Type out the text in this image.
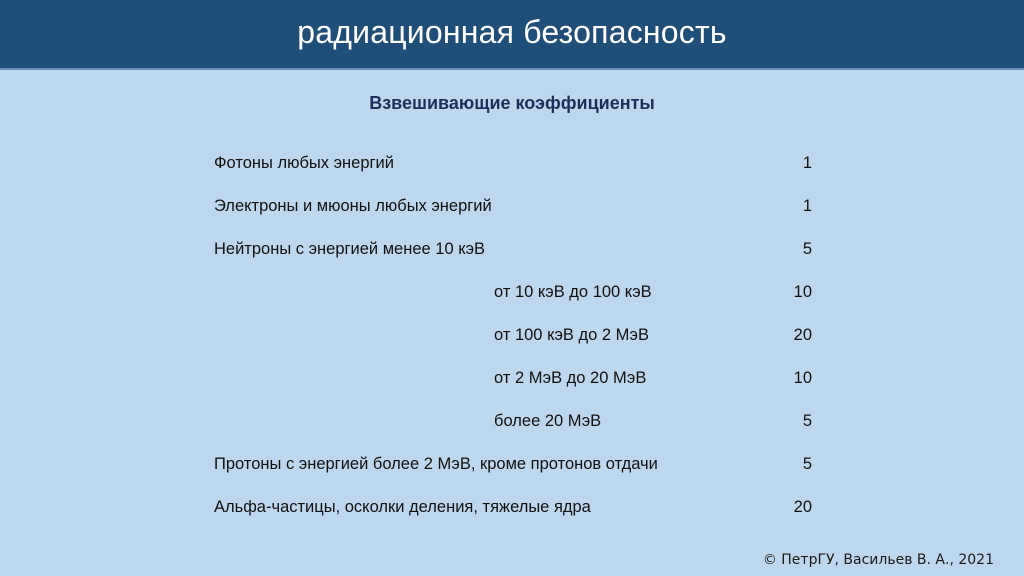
радиационная безопасность
Взвешивающие коэффициенты
Фотоны любых энергий	1
Электроны и мюоны любых энергий	1
Нейтроны с энергией менее 10 кэВ	5
от 10 кэВ до 100 кэВ	10
от 100 кэВ до 2 МэВ	20
от 2 МэВ до 20 МэВ	10
более 20 МэВ	5
Протоны с энергией более 2 МэВ, кроме протонов отдачи	5
Альфа-частицы, осколки деления, тяжелые ядра	20
© ПетрГУ, Васильев В. А., 2021
